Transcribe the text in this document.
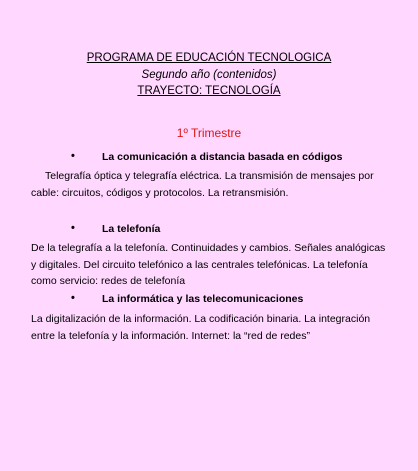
PROGRAMA DE EDUCACIÓN TECNOLOGICA
Segundo año (contenidos)
TRAYECTO: TECNOLOGÍA
1º Trimestre
•	La comunicación a distancia basada en códigos
Telegrafía óptica y telegrafía eléctrica. La transmisión de mensajes por cable: circuitos, códigos y protocolos. La retransmisión.
•	La telefonía
De la telegrafía a la telefonía. Continuidades y cambios. Señales analógicas y digitales. Del circuito telefónico a las centrales telefónicas. La telefonía como servicio: redes de telefonía
•	La informática y las telecomunicaciones
La digitalización de la información. La codificación binaria. La integración entre la telefonía y la información. Internet: la “red de redes”
